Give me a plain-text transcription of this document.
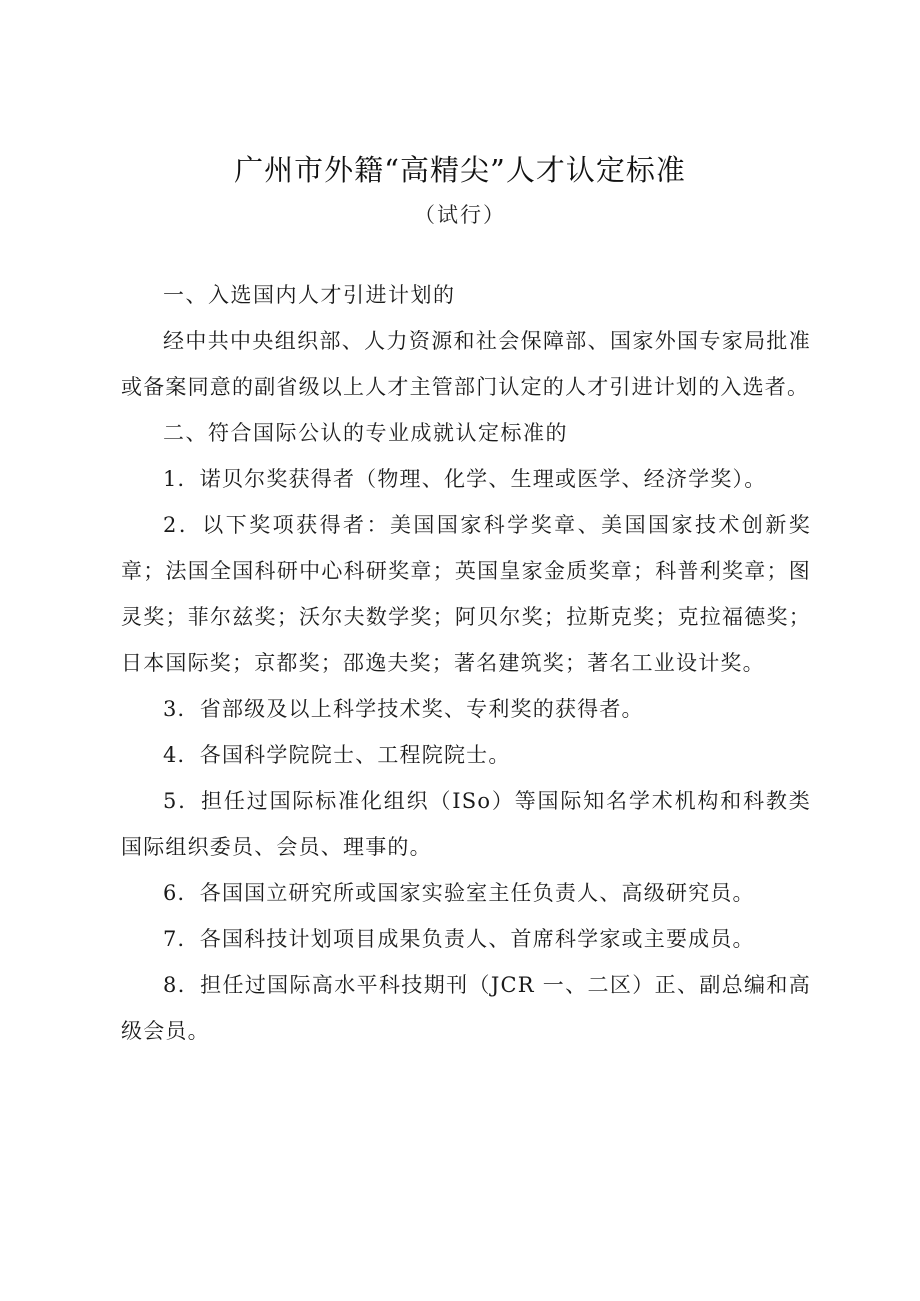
广州市外籍“高精尖”人才认定标准
（试行）

一、入选国内人才引进计划的

经中共中央组织部、人力资源和社会保障部、国家外国专家局批准或备案同意的副省级以上人才主管部门认定的人才引进计划的入选者。

二、符合国际公认的专业成就认定标准的

1．诺贝尔奖获得者（物理、化学、生理或医学、经济学奖）。

2．以下奖项获得者：美国国家科学奖章、美国国家技术创新奖章；法国全国科研中心科研奖章；英国皇家金质奖章；科普利奖章；图灵奖；菲尔兹奖；沃尔夫数学奖；阿贝尔奖；拉斯克奖；克拉福德奖；日本国际奖；京都奖；邵逸夫奖；著名建筑奖；著名工业设计奖。

3．省部级及以上科学技术奖、专利奖的获得者。

4．各国科学院院士、工程院院士。

5．担任过国际标准化组织（ISo）等国际知名学术机构和科教类国际组织委员、会员、理事的。

6．各国国立研究所或国家实验室主任负责人、高级研究员。

7．各国科技计划项目成果负责人、首席科学家或主要成员。

8．担任过国际高水平科技期刊（JCR 一、二区）正、副总编和高级会员。
